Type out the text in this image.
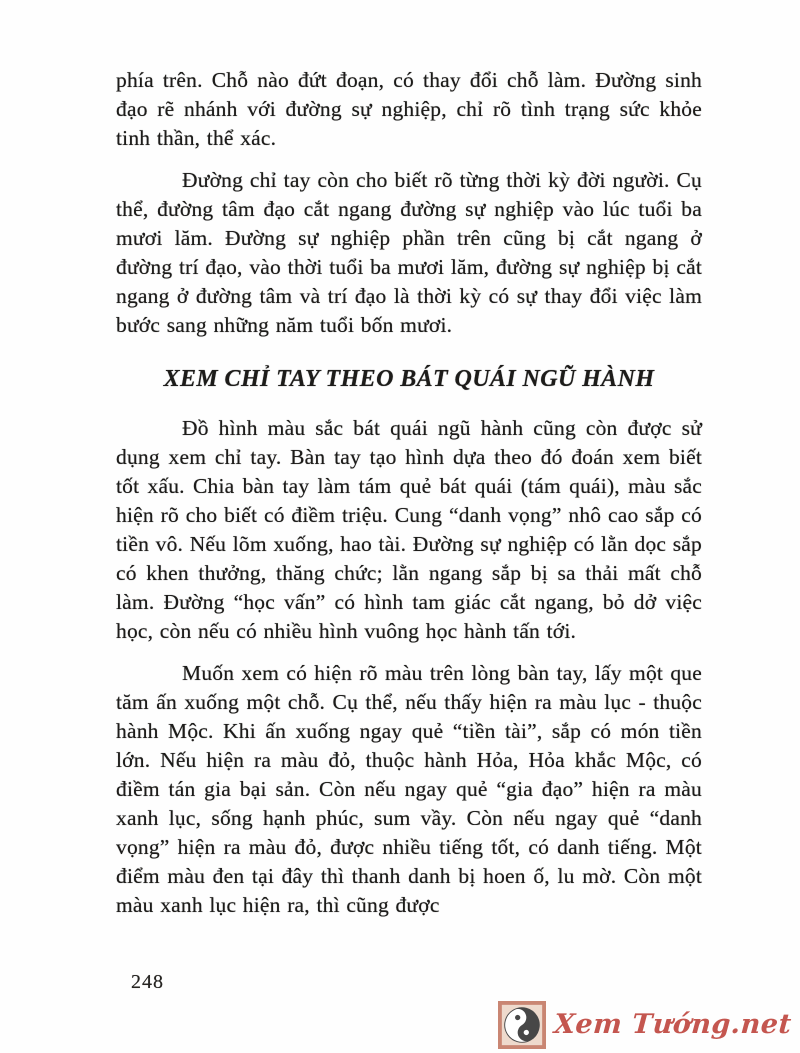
phía trên. Chỗ nào đứt đoạn, có thay đổi chỗ làm. Đường sinh đạo rẽ nhánh với đường sự nghiệp, chỉ rõ tình trạng sức khỏe tinh thần, thể xác.

Đường chỉ tay còn cho biết rõ từng thời kỳ đời người. Cụ thể, đường tâm đạo cắt ngang đường sự nghiệp vào lúc tuổi ba mươi lăm. Đường sự nghiệp phần trên cũng bị cắt ngang ở đường trí đạo, vào thời tuổi ba mươi lăm, đường sự nghiệp bị cắt ngang ở đường tâm và trí đạo là thời kỳ có sự thay đổi việc làm bước sang những năm tuổi bốn mươi.

XEM CHỈ TAY THEO BÁT QUÁI NGŨ HÀNH

Đồ hình màu sắc bát quái ngũ hành cũng còn được sử dụng xem chỉ tay. Bàn tay tạo hình dựa theo đó đoán xem biết tốt xấu. Chia bàn tay làm tám quẻ bát quái (tám quái), màu sắc hiện rõ cho biết có điềm triệu. Cung “danh vọng” nhô cao sắp có tiền vô. Nếu lõm xuống, hao tài. Đường sự nghiệp có lằn dọc sắp có khen thưởng, thăng chức; lằn ngang sắp bị sa thải mất chỗ làm. Đường “học vấn” có hình tam giác cắt ngang, bỏ dở việc học, còn nếu có nhiều hình vuông học hành tấn tới.

Muốn xem có hiện rõ màu trên lòng bàn tay, lấy một que tăm ấn xuống một chỗ. Cụ thể, nếu thấy hiện ra màu lục - thuộc hành Mộc. Khi ấn xuống ngay quẻ “tiền tài”, sắp có món tiền lớn. Nếu hiện ra màu đỏ, thuộc hành Hỏa, Hỏa khắc Mộc, có điềm tán gia bại sản. Còn nếu ngay quẻ “gia đạo” hiện ra màu xanh lục, sống hạnh phúc, sum vầy. Còn nếu ngay quẻ “danh vọng” hiện ra màu đỏ, được nhiều tiếng tốt, có danh tiếng. Một điểm màu đen tại đây thì thanh danh bị hoen ố, lu mờ. Còn một màu xanh lục hiện ra, thì cũng được

248
Xem Tướng.net
